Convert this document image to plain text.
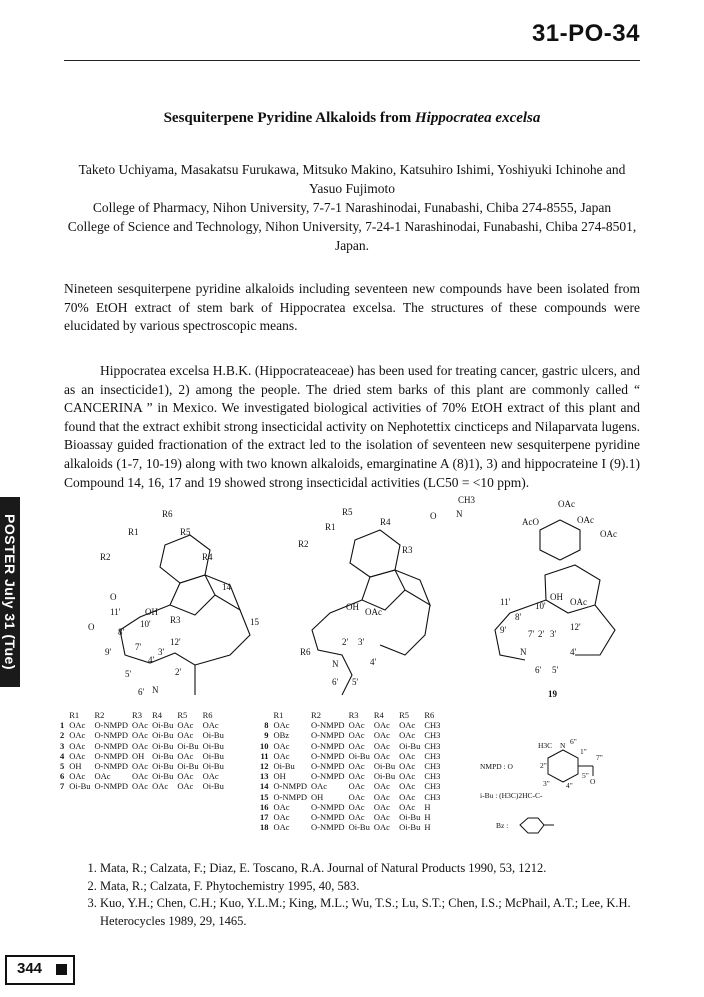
31-PO-34
Sesquiterpene Pyridine Alkaloids from Hippocratea excelsa
Taketo Uchiyama, Masakatsu Furukawa, Mitsuko Makino, Katsuhiro Ishimi, Yoshiyuki Ichinohe and Yasuo Fujimoto
College of Pharmacy, Nihon University, 7-7-1 Narashinodai, Funabashi, Chiba 274-8555, Japan
College of Science and Technology, Nihon University, 7-24-1 Narashinodai, Funabashi, Chiba 274-8501, Japan.
Nineteen sesquiterpene pyridine alkaloids including seventeen new compounds have been isolated from 70% EtOH extract of stem bark of Hippocratea excelsa. The structures of these compounds were elucidated by various spectroscopic means.
Hippocratea excelsa H.B.K. (Hippocrateaceae) has been used for treating cancer, gastric ulcers, and as an insecticide1), 2) among the people. The dried stem barks of this plant are commonly called “ CANCERINA ” in Mexico. We investigated biological activities of 70% EtOH extract of this plant and found that the extract exhibit strong insecticidal activity on Nephotettix cincticeps and Nilaparvata lugens. Bioassay guided fractionation of the extract led to the isolation of seventeen new sesquiterpene pyridine alkaloids (1-7, 10-19) along with two known alkaloids, emarginatine A (8)1), 3) and hippocrateine I (9).1) Compound 14, 16, 17 and 19 showed strong insecticidal activities (LC50 = <10 ppm).
POSTER July 31 (Tue)	R6
R1	R5
R2	R4
OH
R3
14
15
11'
10'
12'
8'
9'	7'
4'
3'
2'
5'
6' N
O
O
R5
R1	R4
R2
R3
OH OAc
R6
N
2' 3'
4'
5'
6'
CH3
N
O
AcO
OAc
OAc
OAc
OH OAc
11'	10'
8'
9' 7'
12'
N
2' 3'
4'
5'
6'
19
	R1	R2	R3	R4	R5	R6
1	OAc	O-NMPD	OAc	Oi-Bu	OAc	OAc
2	OAc	O-NMPD	OAc	Oi-Bu	OAc	Oi-Bu
3	OAc	O-NMPD	OAc	Oi-Bu	Oi-Bu	Oi-Bu
4	OAc	O-NMPD	OH	Oi-Bu	OAc	Oi-Bu
5	OH	O-NMPD	OAc	Oi-Bu	Oi-Bu	Oi-Bu
6	OAc	OAc	OAc	Oi-Bu	OAc	OAc
7	Oi-Bu	O-NMPD	OAc	OAc	OAc	Oi-Bu
	R1	R2	R3	R4	R5	R6
8	OAc	O-NMPD	OAc	OAc	OAc	CH3
9	OBz	O-NMPD	OAc	OAc	OAc	CH3
10	OAc	O-NMPD	OAc	OAc	Oi-Bu	CH3
11	OAc	O-NMPD	Oi-Bu	OAc	OAc	CH3
12	Oi-Bu	O-NMPD	OAc	Oi-Bu	OAc	CH3
13	OH	O-NMPD	OAc	Oi-Bu	OAc	CH3
14	O-NMPD	OAc	OAc	OAc	OAc	CH3
15	O-NMPD	OH	OAc	OAc	OAc	CH3
16	OAc	O-NMPD	OAc	OAc	OAc	H
17	OAc	O-NMPD	OAc	OAc	Oi-Bu	H
18	OAc	O-NMPD	Oi-Bu	OAc	Oi-Bu	H
NMPD : O
H3C N
1"
2"
3" 4"
5"
6"
7"
O
i-Bu : (H3C)2HC-C-
Bz :
1. Mata, R.; Calzata, F.; Diaz, E. Toscano, R.A. Journal of Natural Products 1990, 53, 1212.
2. Mata, R.; Calzata, F. Phytochemistry 1995, 40, 583.
3. Kuo, Y.H.; Chen, C.H.; Kuo, Y.L.M.; King, M.L.; Wu, T.S.; Lu, S.T.; Chen, I.S.; McPhail, A.T.; Lee, K.H. Heterocycles 1989, 29, 1465.
344
